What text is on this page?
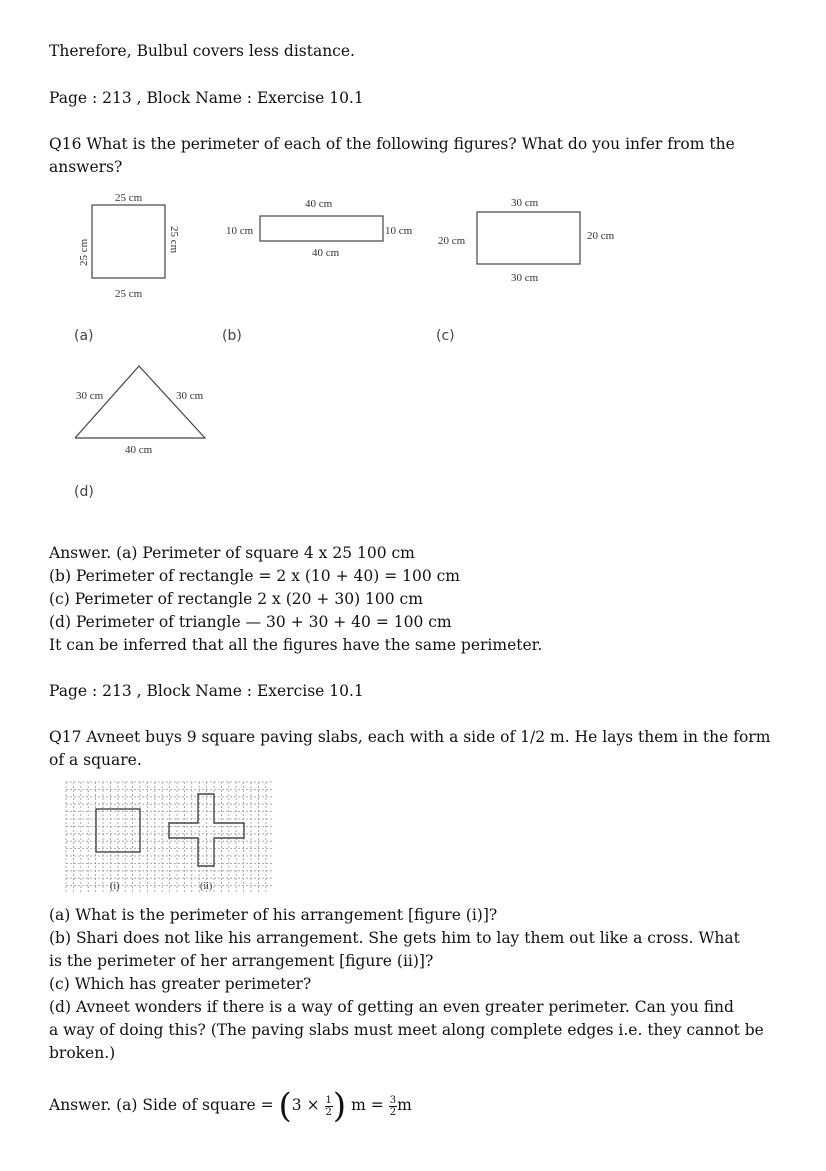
Therefore, Bulbul covers less distance.
Page : 213 , Block Name : Exercise 10.1
Q16 What is the perimeter of each of the following figures? What do you infer from the answers?
25 cm
25 cm
25 cm	25 cm
(a)
40 cm
40 cm
10 cm	10 cm
(b)
30 cm
30 cm
20 cm	20 cm
(c)
30 cm	30 cm
40 cm
(d)
Answer. (a) Perimeter of square 4 x 25 100 cm
(b) Perimeter of rectangle = 2 x (10 + 40) = 100 cm
(c) Perimeter of rectangle 2 x (20 + 30) 100 cm
(d) Perimeter of triangle — 30 + 30 + 40 = 100 cm
It can be inferred that all the figures have the same perimeter.
Page : 213 , Block Name : Exercise 10.1
Q17 Avneet buys 9 square paving slabs, each with a side of 1/2 m. He lays them in the form of a square.
(i)	(ii)
(a) What is the perimeter of his arrangement [figure (i)]?
(b) Shari does not like his arrangement. She gets him to lay them out like a cross. What
is the perimeter of her arrangement [figure (ii)]?
(c) Which has greater perimeter?
(d) Avneet wonders if there is a way of getting an even greater perimeter. Can you find
a way of doing this? (The paving slabs must meet along complete edges i.e. they cannot be
broken.)
Answer. (a) Side of square = ($3 \times \frac{1}{2}$ ) $m = \frac{3}{2}$ m
